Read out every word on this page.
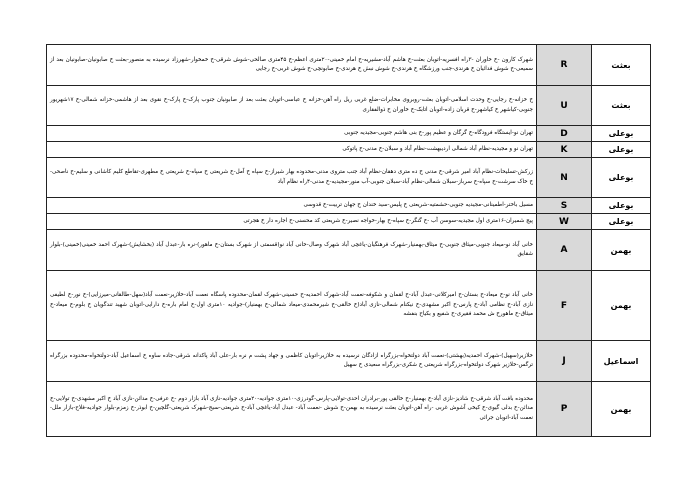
بعثت	R	شهرک کارون -خ خاوران -۳راه افسریه-اتوبان بعثت-خ هاشم آباد-مشیریه-خ امام خمینی-۲۰متری اعظم-خ ۴۵متری صالحی-شوش شرقی-خ خمخوار-شهرزاد نرسیده به منصور-بعثت خ صابونیان-صابونیان بعد از سمیعی-خ شوش فدائیان خ هرندی-جنب ورزشگاه خ هرندی-خ شوش نبش خ هرندی-خ صابونچی-خ شوش غربی-خ رجایی
بعثت	U	خ خزانه-خ رجایی-خ وحدت اسلامی-اتوبان بعثت-روبروی مخابرات-ضلع غربی ریل راه آهن-خزانه خ عباسی-اتوبان بعثت بعد از صابونیان جنوب پارک-خ پارک-خ نقوی بعد از هاشمی-خزانه شمالی-خ ۱۷شهریور جنوبی-کیاشهر خ کیاشهر-خ قربان زاده-اتوبان اتابک-خ خاوران خ ذوالفقاری
بوعلی	D	تهران نو-ایستگاه فرودگاه-خ گرگان و عظیم پور-خ بنی هاشم جنوبی-مجیدیه جنوبی
بوعلی	K	تهران نو و مجیدیه-نظام آباد شمالی اردیبهشت-نظام آباد و سبلان-خ مدنی-خ پاتوکی
بوعلی	N	زرکش-تسلیحات-نظام آباد امیر شرقی-خ مدنی خ ده متری دهقان-نظام آباد جنب متروی مدنی-محدوده بهار شیراز-خ سپاه خ آمل-خ شریعتی خ سپاه-خ شریعتی خ مطهری-تقاطع کلیم کاشانی و سلیم-خ ناصحی-خ خاک سرشت-خ سپاه-خ سرباز-سبلان شمالی-نظام آباد-سبلان جنوبی-آب منور-مجیدیه-خ مدنی-۴راه نظام آباد
بوعلی	S	مسیل باختر-اطمینانی-مجیدیه جنوبی-حشمتیه-شریعتی خ پلیس-سید خندان خ جهان تربیت-خ قدوسی
بوعلی	W	پیچ شمیران-۱۶متری اول مجیدیه-سوسن آب -خ گنگر-خ سپاه-خ بهار-خواجه نصیر-خ شریعتی کد محسنی-خ اجاره دار خ هجرتی
بهمن	A	خانی آباد نو-میعاد جنوبی-میثاق جنوبی-خ میثاق-بهمنیار-شهرک فرهنگیان-یاغچی آباد شهرک وصال-خانی آباد نو(قسمتی از شهرک بستان-خ ماهور)-نره بار-عبدل آباد (بخشایش)-شهرک احمد خمینی(خمینی)-بلوار شقایق
بهمن	F	خانی آباد نو-خ میعاد-خ بستان-خ امیرکلانی-عبدل آباد-خ لقمان و شکوفه-نعمت آباد-شهرک احمدیه-خ حسینی-شهرک لقمان-محدوده پاسگاه نعمت آباد-خلازیر-نعمت آباد(سهل-طالقانی-میرزایی)-خ نور-خ لطیفی نازی آباد-خ نظامی آباد-خ پارس-خ اکبر مشهدی-خ نیکنام شمالی-نازی آباد(خ خالقی-خ شیرمحمدی-میعاد شمالی-خ بهمنیار)-جوادیه ۱۰متری اول-خ امام باره-خ دارایی-اتوبان شهید تندگویان خ بلوم-خ میعاد-خ میثاق-خ ماهورخ ش محمد فقیری-خ شفیع و بکیاح بنفشه
اسماعیل	J	خلازیر(سهیل)-شهرک احمدیه(بهشتی)-نعمت آباد دولتخواه-بزرگراه ازادگان نرسیده به خلازیر-اتوبان کاظمی و جهاد پشت م نره بار-علی آباد پاکدانه شرقی-جاده ساوه خ اسماعیل آباد-دولتخواه-محدوده بزرگراه ترگس-خلازیر شهرک دولتخواه-بزرگراه شریعتی خ شکری-بزرگراه سعیدی خ سهیل
بهمن	P	محدوده بافت آباد شرقی-خ شادیز-نازی آباد-خ بهمنیار-خ خالقی پور-برادران احدی-تولایی-پارس-گودرزی-۱۰متری جوادیه-۲۰متری جوادیه-نازی آباد بازار دوم -خ عرفی-خ مدائن-نازی آباد خ اکبر مشهدی-خ تولایی-خ مدائن-خ بدلی گیوی-خ کیخی آشوش غربی -راه آهن-اتوبان بعثت نرسیده به بهمن-خ شوش -نعمت آباد- عبدل آباد-یاغچی آباد-خ شریعتی-سیج-شهرک شریعتی-گلچین-خ ابوذر-خ زمزم-بلوار جوادیه-فلاح-بازار ملل-نعمت آباد-اتوبان جرائی
